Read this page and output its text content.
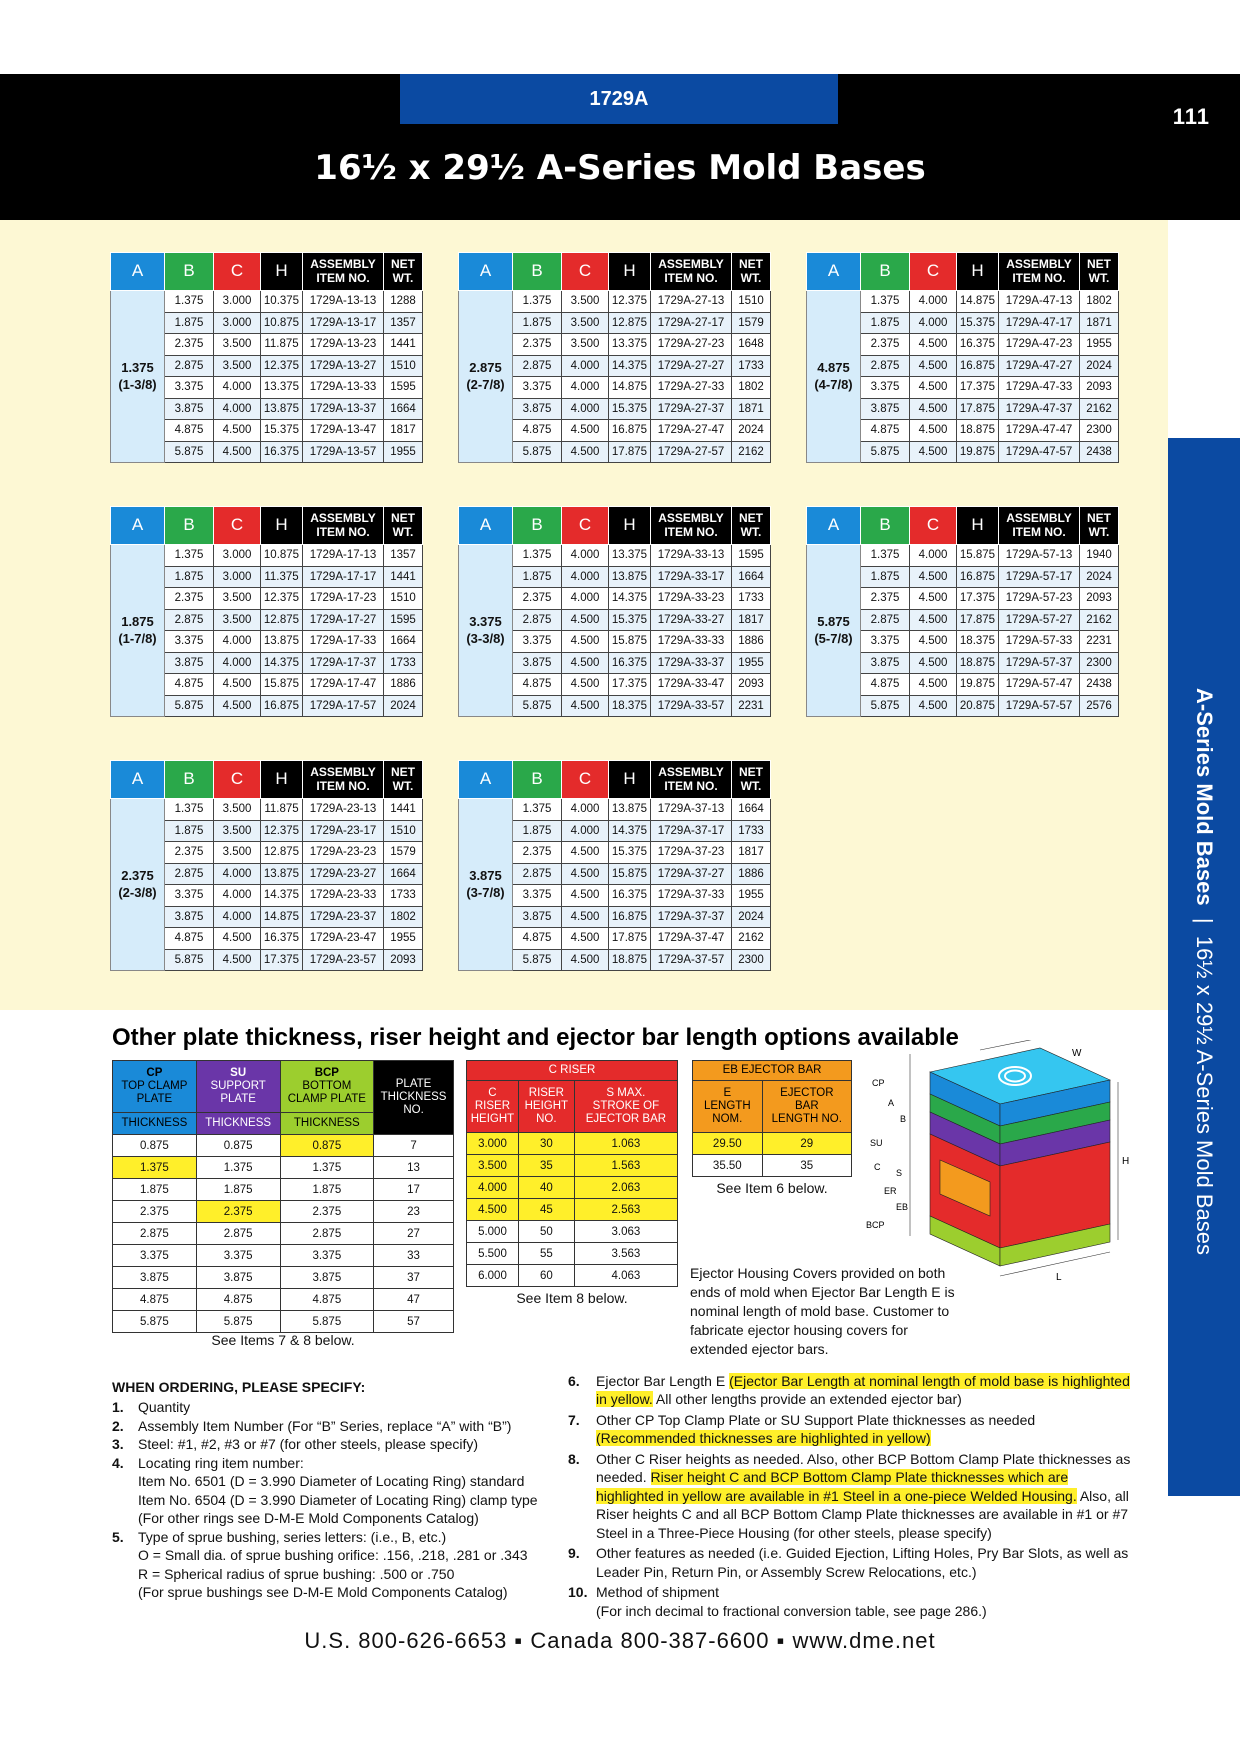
1729A
111
16½ x 29½ A-Series Mold Bases
A-Series Mold Bases  |  16½ x 29½ A-Series Mold Bases
A	B	C	H	ASSEMBLY
ITEM NO.	NET
WT.
1.375
(1-3/8)	1.375	3.000	10.375	1729A-13-13	1288
	1.875	3.000	10.875	1729A-13-17	1357
	2.375	3.500	11.875	1729A-13-23	1441
	2.875	3.500	12.375	1729A-13-27	1510
	3.375	4.000	13.375	1729A-13-33	1595
	3.875	4.000	13.875	1729A-13-37	1664
	4.875	4.500	15.375	1729A-13-47	1817
	5.875	4.500	16.375	1729A-13-57	1955
A	B	C	H	ASSEMBLY
ITEM NO.	NET
WT.
2.875
(2-7/8)	1.375	3.500	12.375	1729A-27-13	1510
	1.875	3.500	12.875	1729A-27-17	1579
	2.375	3.500	13.375	1729A-27-23	1648
	2.875	4.000	14.375	1729A-27-27	1733
	3.375	4.000	14.875	1729A-27-33	1802
	3.875	4.000	15.375	1729A-27-37	1871
	4.875	4.500	16.875	1729A-27-47	2024
	5.875	4.500	17.875	1729A-27-57	2162
A	B	C	H	ASSEMBLY
ITEM NO.	NET
WT.
4.875
(4-7/8)	1.375	4.000	14.875	1729A-47-13	1802
	1.875	4.000	15.375	1729A-47-17	1871
	2.375	4.500	16.375	1729A-47-23	1955
	2.875	4.500	16.875	1729A-47-27	2024
	3.375	4.500	17.375	1729A-47-33	2093
	3.875	4.500	17.875	1729A-47-37	2162
	4.875	4.500	18.875	1729A-47-47	2300
	5.875	4.500	19.875	1729A-47-57	2438
A	B	C	H	ASSEMBLY
ITEM NO.	NET
WT.
1.875
(1-7/8)	1.375	3.000	10.875	1729A-17-13	1357
	1.875	3.000	11.375	1729A-17-17	1441
	2.375	3.500	12.375	1729A-17-23	1510
	2.875	3.500	12.875	1729A-17-27	1595
	3.375	4.000	13.875	1729A-17-33	1664
	3.875	4.000	14.375	1729A-17-37	1733
	4.875	4.500	15.875	1729A-17-47	1886
	5.875	4.500	16.875	1729A-17-57	2024
A	B	C	H	ASSEMBLY
ITEM NO.	NET
WT.
3.375
(3-3/8)	1.375	4.000	13.375	1729A-33-13	1595
	1.875	4.000	13.875	1729A-33-17	1664
	2.375	4.000	14.375	1729A-33-23	1733
	2.875	4.500	15.375	1729A-33-27	1817
	3.375	4.500	15.875	1729A-33-33	1886
	3.875	4.500	16.375	1729A-33-37	1955
	4.875	4.500	17.375	1729A-33-47	2093
	5.875	4.500	18.375	1729A-33-57	2231
A	B	C	H	ASSEMBLY
ITEM NO.	NET
WT.
5.875
(5-7/8)	1.375	4.000	15.875	1729A-57-13	1940
	1.875	4.500	16.875	1729A-57-17	2024
	2.375	4.500	17.375	1729A-57-23	2093
	2.875	4.500	17.875	1729A-57-27	2162
	3.375	4.500	18.375	1729A-57-33	2231
	3.875	4.500	18.875	1729A-57-37	2300
	4.875	4.500	19.875	1729A-57-47	2438
	5.875	4.500	20.875	1729A-57-57	2576
A	B	C	H	ASSEMBLY
ITEM NO.	NET
WT.
2.375
(2-3/8)	1.375	3.500	11.875	1729A-23-13	1441
	1.875	3.500	12.375	1729A-23-17	1510
	2.375	3.500	12.875	1729A-23-23	1579
	2.875	4.000	13.875	1729A-23-27	1664
	3.375	4.000	14.375	1729A-23-33	1733
	3.875	4.000	14.875	1729A-23-37	1802
	4.875	4.500	16.375	1729A-23-47	1955
	5.875	4.500	17.375	1729A-23-57	2093
A	B	C	H	ASSEMBLY
ITEM NO.	NET
WT.
3.875
(3-7/8)	1.375	4.000	13.875	1729A-37-13	1664
	1.875	4.000	14.375	1729A-37-17	1733
	2.375	4.500	15.375	1729A-37-23	1817
	2.875	4.500	15.875	1729A-37-27	1886
	3.375	4.500	16.375	1729A-37-33	1955
	3.875	4.500	16.875	1729A-37-37	2024
	4.875	4.500	17.875	1729A-37-47	2162
	5.875	4.500	18.875	1729A-37-57	2300
Other plate thickness, riser height and ejector bar length options available
CP
TOP CLAMP
PLATE	SU
SUPPORT
PLATE	BCP
BOTTOM
CLAMP PLATE	PLATE
THICKNESS
NO.
THICKNESS	THICKNESS	THICKNESS	
0.875	0.875	0.875	7
1.375	1.375	1.375	13
1.875	1.875	1.875	17
2.375	2.375	2.375	23
2.875	2.875	2.875	27
3.375	3.375	3.375	33
3.875	3.875	3.875	37
4.875	4.875	4.875	47
5.875	5.875	5.875	57
See Items 7 & 8 below.
C RISER		
C
RISER
HEIGHT	RISER
HEIGHT
NO.	S MAX.
STROKE OF
EJECTOR BAR
3.000	30	1.063
3.500	35	1.563
4.000	40	2.063
4.500	45	2.563
5.000	50	3.063
5.500	55	3.563
6.000	60	4.063
See Item 8 below.
EB EJECTOR BAR	
E
LENGTH
NOM.	EJECTOR
BAR
LENGTH NO.
29.50	29
35.50	35
See Item 6 below.
W
H
L
CP
A
B
SU
C
S
ER
EB
BCP
Ejector Housing Covers provided on both ends of mold when Ejector Bar Length E is nominal length of mold base. Customer to fabricate ejector housing covers for extended ejector bars.
WHEN ORDERING, PLEASE SPECIFY:
1.	Quantity
2.	Assembly Item Number (For “B” Series, replace “A” with “B”)
3.	Steel: #1, #2, #3 or #7 (for other steels, please specify)
4.	Locating ring item number:
Item No. 6501 (D = 3.990 Diameter of Locating Ring) standard
Item No. 6504 (D = 3.990 Diameter of Locating Ring) clamp type
(For other rings see D-M-E Mold Components Catalog)
5.	Type of sprue bushing, series letters: (i.e., B, etc.)
O = Small dia. of sprue bushing orifice: .156, .218, .281 or .343
R = Spherical radius of sprue bushing: .500 or .750
(For sprue bushings see D-M-E Mold Components Catalog)
6.	Ejector Bar Length E (Ejector Bar Length at nominal length of mold base is highlighted in yellow. All other lengths provide an extended ejector bar)
7.	Other CP Top Clamp Plate or SU Support Plate thicknesses as needed (Recommended thicknesses are highlighted in yellow)
8.	Other C Riser heights as needed. Also, other BCP Bottom Clamp Plate thicknesses as needed. Riser height C and BCP Bottom Clamp Plate thicknesses which are highlighted in yellow are available in #1 Steel in a one-piece Welded Housing. Also, all Riser heights C and all BCP Bottom Clamp Plate thicknesses are available in #1 or #7 Steel in a Three-Piece Housing (for other steels, please specify)
9.	Other features as needed (i.e. Guided Ejection, Lifting Holes, Pry Bar Slots, as well as Leader Pin, Return Pin, or Assembly Screw Relocations, etc.)
10. Method of shipment
(For inch decimal to fractional conversion table, see page 286.)
U.S. 800-626-6653 ▪ Canada 800-387-6600 ▪ www.dme.net
